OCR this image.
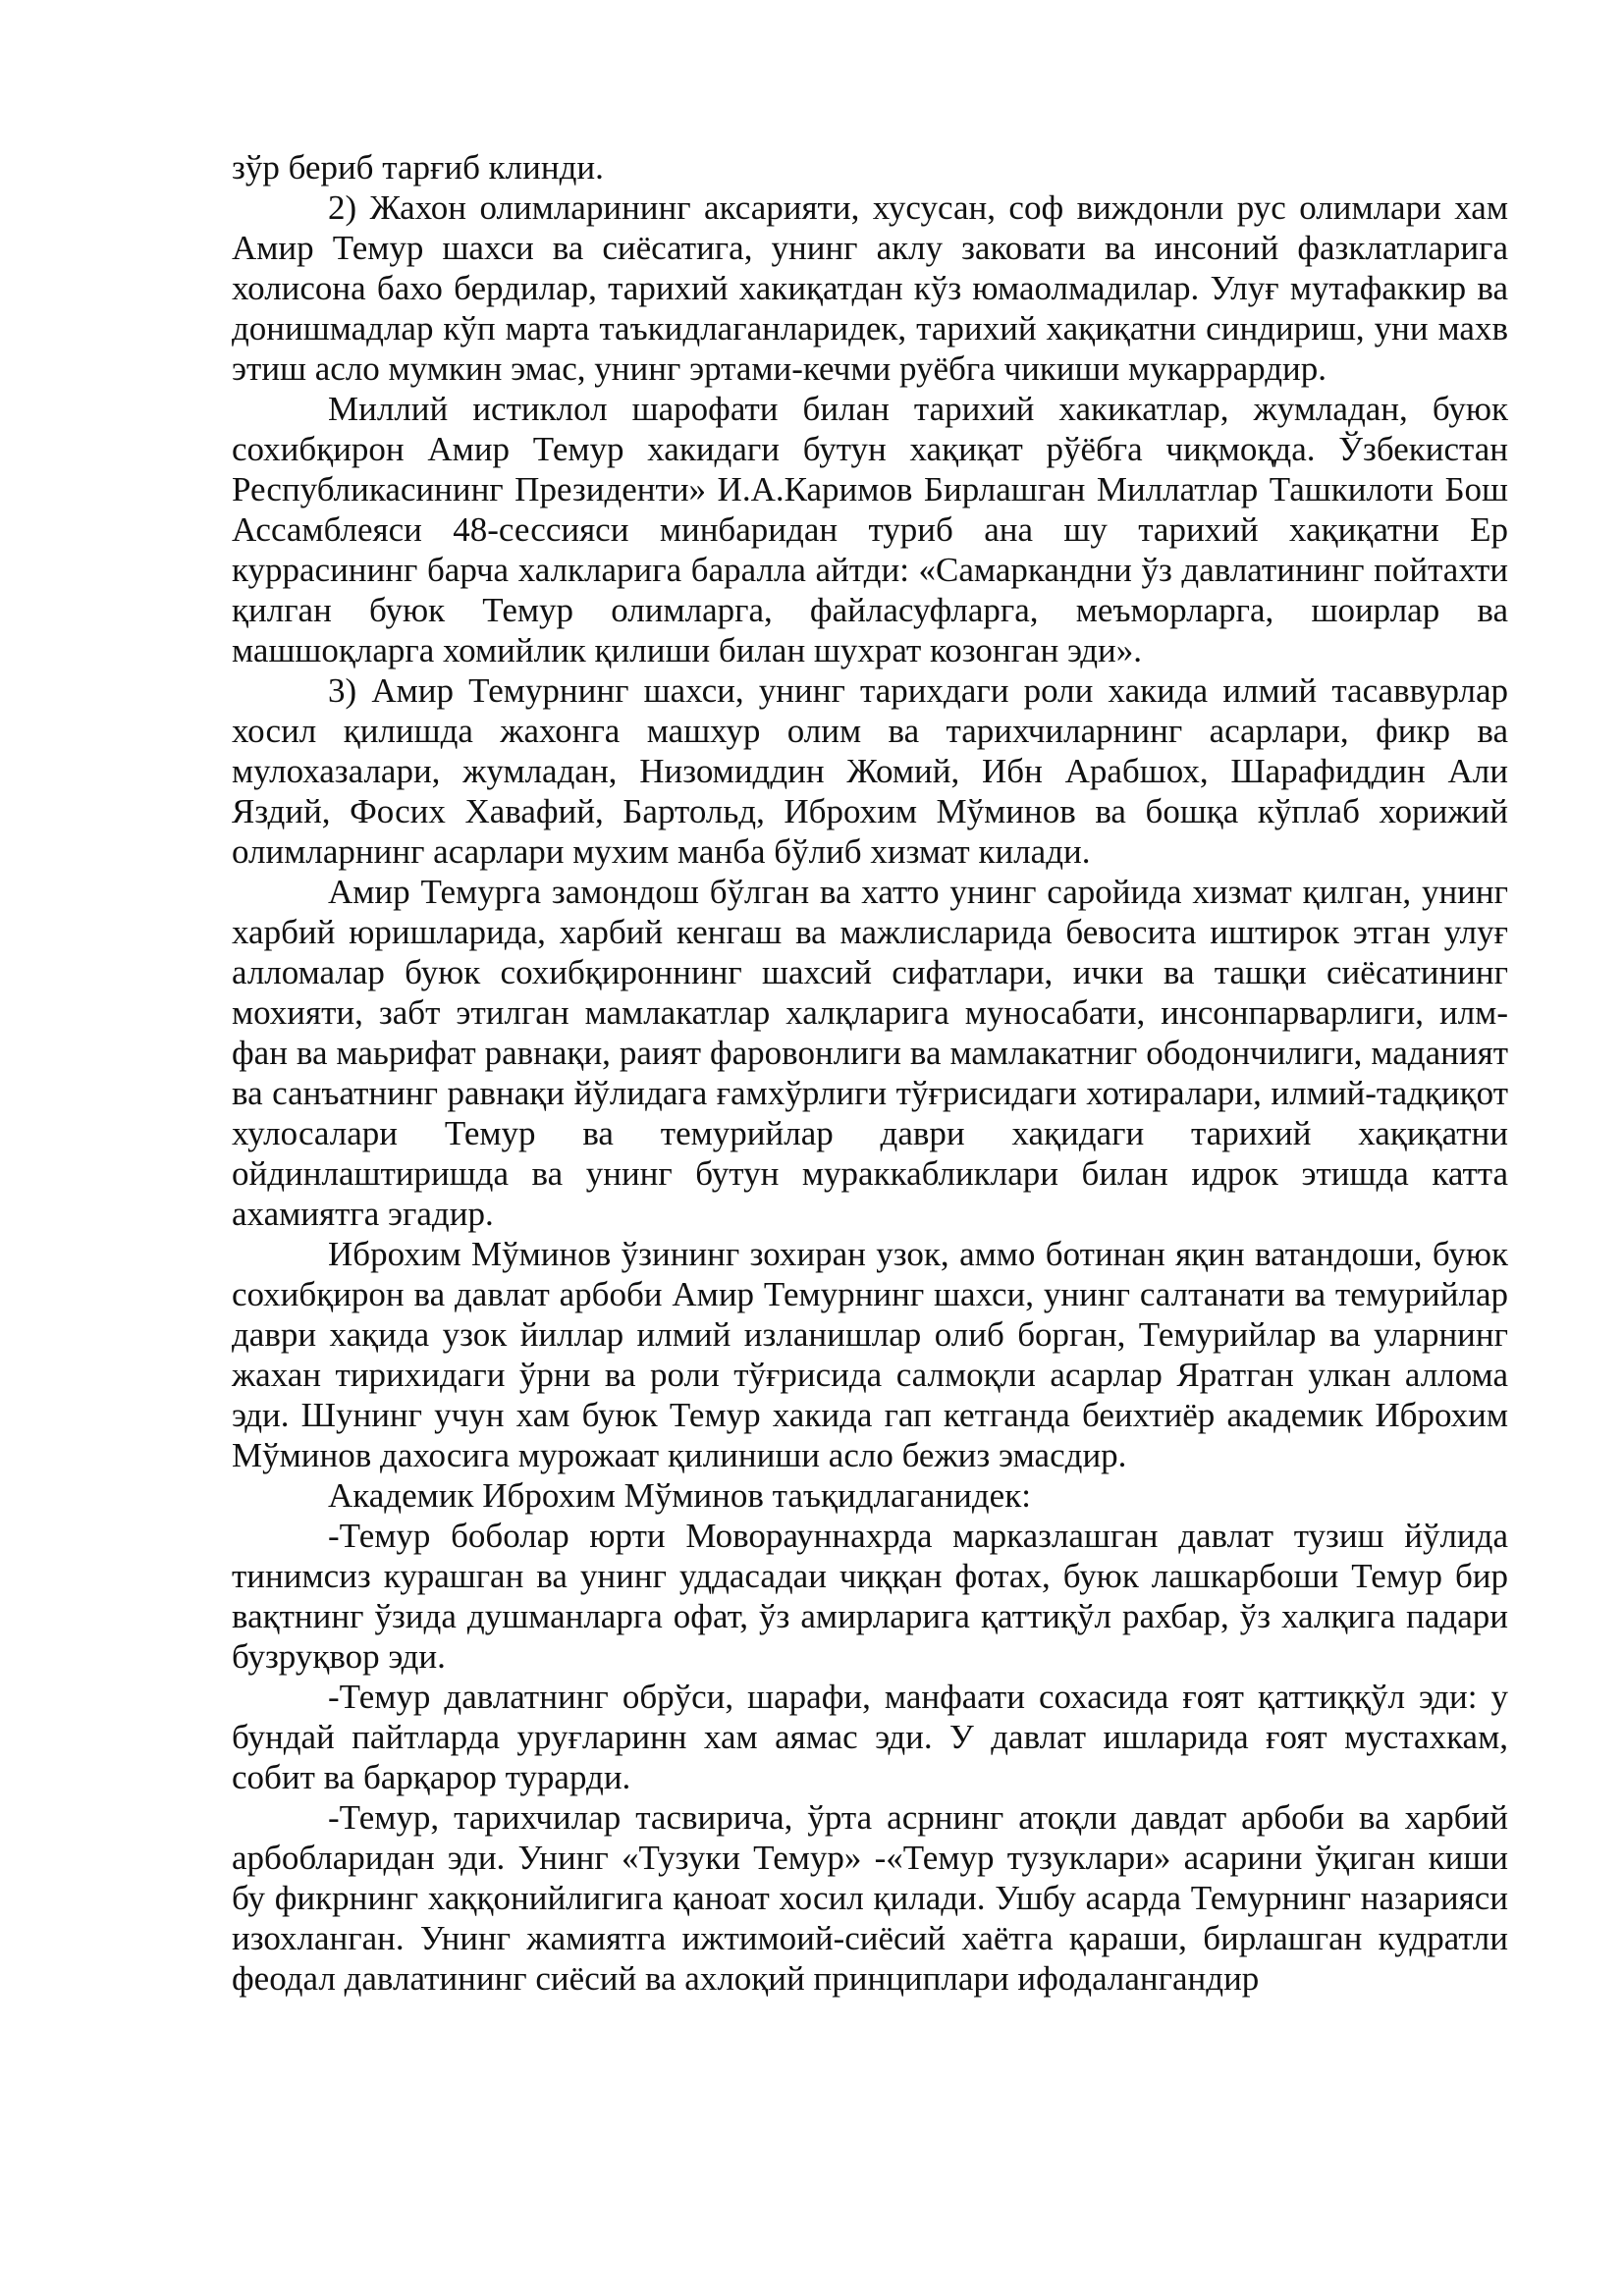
зўр бериб тарғиб клинди.

2) Жахон олимларининг аксарияти, хусусан, соф виждонли рус олимлари хам Амир Темур шахси ва сиёсатига, унинг аклу заковати ва инсоний фазклатларига холисона бахо бердилар, тарихий хакиқатдан кўз юмаолмадилар. Улуғ мутафаккир ва донишмадлар кўп марта таъкидлаганларидек, тарихий хақиқатни синдириш, уни махв этиш асло мумкин эмас, унинг эртами-кечми руёбга чикиши мукаррардир.

Миллий истиклол шарофати билан тарихий хакикатлар, жумладан, буюк сохибқирон Амир Темур хакидаги бутун хақиқат рўёбга чиқмоқда. Ўзбекистан Республикасининг Президенти» И.А.Каримов Бирлашган Миллатлар Ташкилоти Бош Ассамблеяси 48-сессияси минбаридан туриб ана шу тарихий хақиқатни Ер куррасининг барча халкларига баралла айтди: «Самаркандни ўз давлатининг пойтахти қилган буюк Темур олимларга, файласуфларга, меъморларга, шоирлар ва машшоқларга хомийлик қилиши билан шухрат козонган эди».

3) Амир Темурнинг шахси, унинг тарихдаги роли хакида илмий тасаввурлар хосил қилишда жахонга машхур олим ва тарихчиларнинг асарлари, фикр ва мулохазалари, жумладан, Низомиддин Жомий, Ибн Арабшох, Шарафиддин Али Яздий, Фосих Хавафий, Бартольд, Иброхим Мўминов ва бошқа кўплаб хорижий олимларнинг асарлари мухим манба бўлиб хизмат килади.

Амир Темурга замондош бўлган ва хатто унинг саройида хизмат қилган, унинг харбий юришларида, харбий кенгаш ва мажлисларида бевосита иштирок этган улуғ алломалар буюк сохибқироннинг шахсий сифатлари, ички ва ташқи сиёсатининг мохияти, забт этилган мамлакатлар халқларига муносабати, инсонпарварлиги, илм-фан ва маьрифат равнақи, раият фаровонлиги ва мамлакатниг ободончилиги, маданият ва санъатнинг равнақи йўлидага ғамхўрлиги тўғрисидаги хотиралари, илмий-тадқиқот хулосалари Темур ва темурийлар даври хақидаги тарихий хақиқатни ойдинлаштиришда ва унинг бутун мураккабликлари билан идрок этишда катта ахамиятга эгадир.

Иброхим Мўминов ўзининг зохиран узок, аммо ботинан яқин ватандоши, буюк сохибқирон ва давлат арбоби Амир Темурнинг шахси, унинг салтанати ва темурийлар даври хақида узок йиллар илмий изланишлар олиб борган, Темурийлар ва уларнинг жахан тирихидаги ўрни ва роли тўғрисида салмоқли асарлар Яратган улкан аллома эди. Шунинг учун хам буюк Темур хакида гап кетганда беихтиёр академик Иброхим Мўминов дахосига мурожаат қилиниши асло бежиз эмасдир.

Академик Иброхим Мўминов таъқидлаганидек:

-Темур боболар юрти Моворауннахрда марказлашган давлат тузиш йўлида тинимсиз курашган ва унинг уддасадаи чиққан фотах, буюк лашкарбоши Темур бир вақтнинг ўзида душманларга офат, ўз амирларига қаттиқўл рахбар, ўз халқига падари бузруқвор эди.

-Темур давлатнинг обрўси, шарафи, манфаати сохасида ғоят қаттиққўл эди: у бундай пайтларда уруғларинн хам аямас эди. У давлат ишларида ғоят мустахкам, собит ва барқарор турарди.

-Темур, тарихчилар тасвиричa, ўрта асрнинг атоқли давдат арбоби ва харбий арбобларидан эди. Унинг «Тузуки Темур» -«Темур тузуклари» асарини ўқиган киши бу фикрнинг хаққонийлигига қаноат хосил қилади. Ушбу асарда Темурнинг назарияси изохланган. Унинг жамиятга ижтимоий-сиёсий хаётга қараши, бирлашган кудратли феодал давлатининг сиёсий ва ахлоқий принциплари ифодалангандир
